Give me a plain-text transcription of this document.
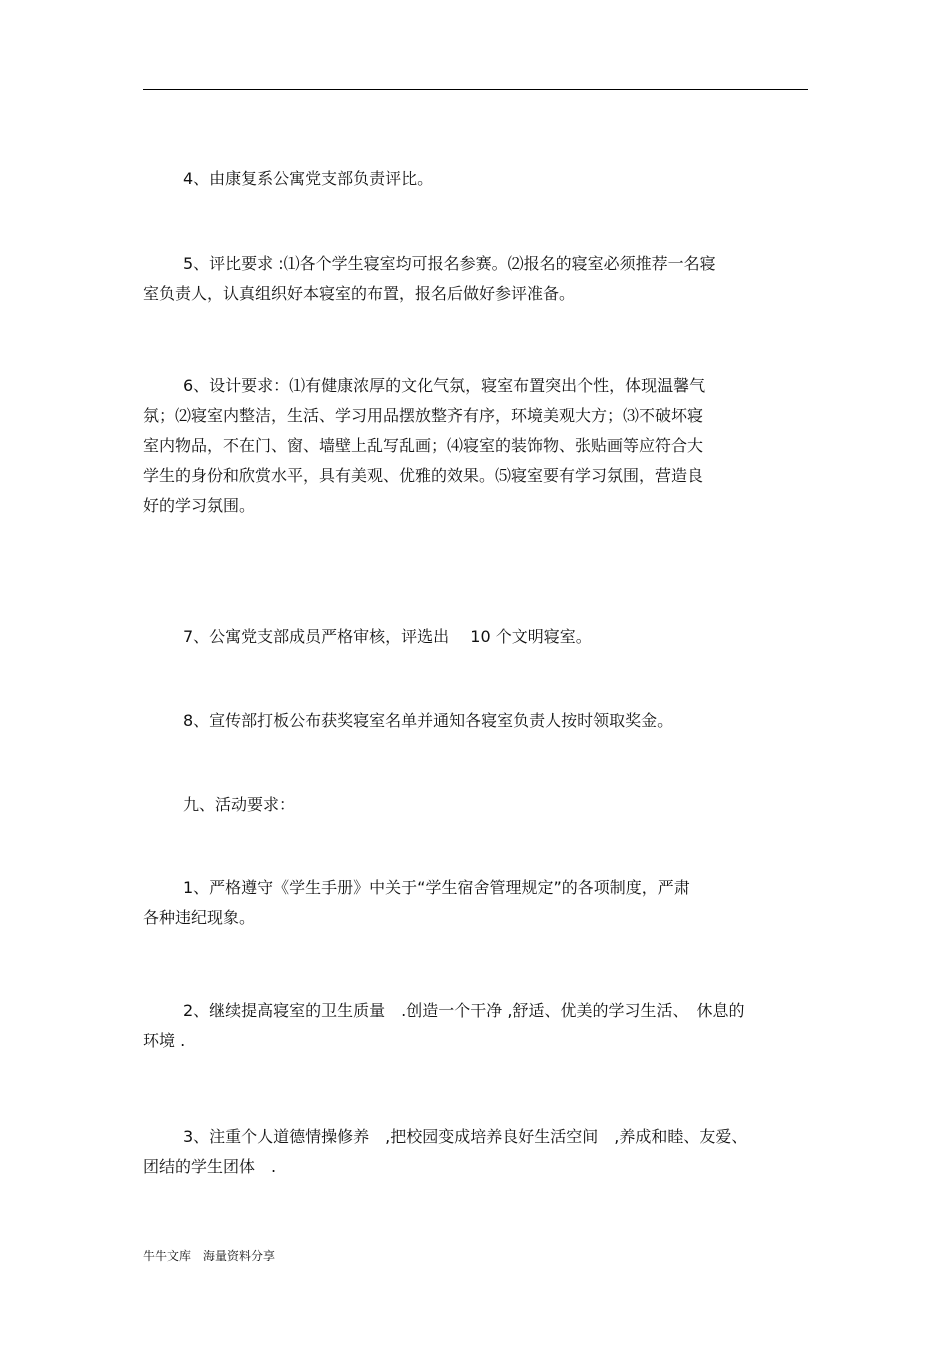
4、由康复系公寓党支部负责评比。
5、评比要求 :⑴各个学生寝室均可报名参赛。⑵报名的寝室必须推荐一名寝
室负责人，认真组织好本寝室的布置，报名后做好参评准备。
6、设计要求：⑴有健康浓厚的文化气氛，寝室布置突出个性，体现温馨气
氛；⑵寝室内整洁，生活、学习用品摆放整齐有序，环境美观大方；⑶不破坏寝
室内物品，不在门、窗、墙壁上乱写乱画；⑷寝室的装饰物、张贴画等应符合大
学生的身份和欣赏水平，具有美观、优雅的效果。⑸寝室要有学习氛围，营造良
好的学习氛围。
7、公寓党支部成员严格审核，评选出　 10 个文明寝室。
8、宣传部打板公布获奖寝室名单并通知各寝室负责人按时领取奖金。
九、活动要求：
1、严格遵守《学生手册》中关于“学生宿舍管理规定”的各项制度，严肃
各种违纪现象。
2、继续提高寝室的卫生质量　.创造一个干净 ,舒适、优美的学习生活、　休息的
环境 .
3、注重个人道德情操修养　,把校园变成培养良好生活空间　,养成和睦、友爱、
团结的学生团体　.
牛牛文库　海量资料分享
